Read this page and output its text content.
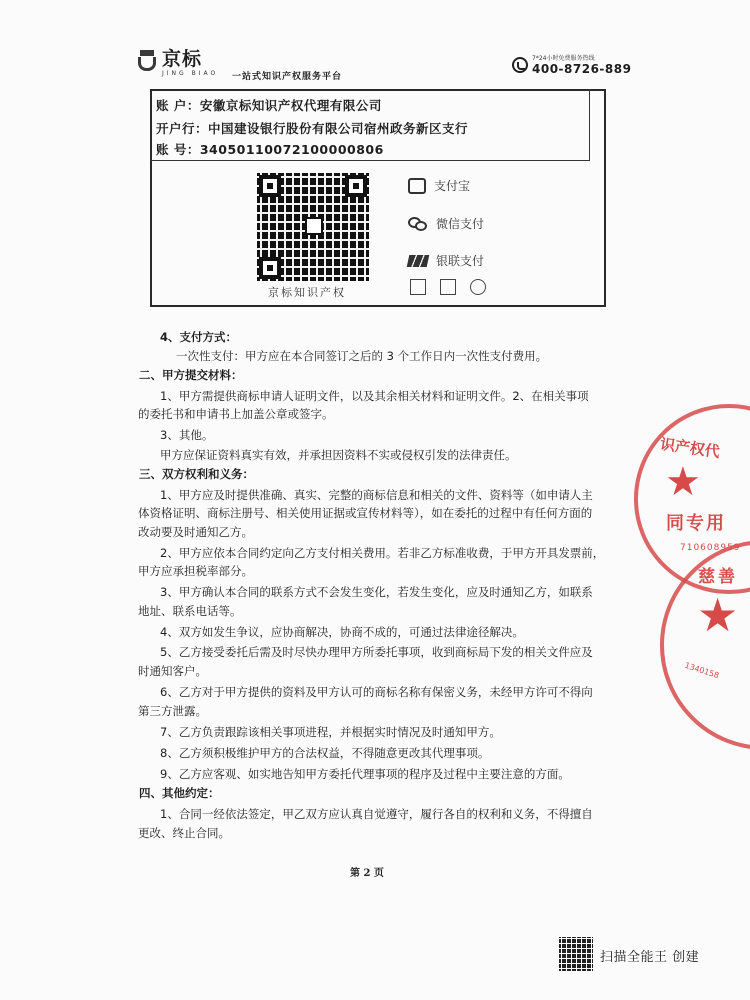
京标
JING BIAO 一站式知识产权服务平台
7*24小时免费服务热线
400-8726-889
账 户：安徽京标知识产权代理有限公司
开户行：中国建设银行股份有限公司宿州政务新区支行
账 号：34050110072100000806
京标知识产权
支付宝
微信支付
银联支付
4、支付方式：
一次性支付：甲方应在本合同签订之后的 3 个工作日内一次性支付费用。
二、甲方提交材料：
1、甲方需提供商标申请人证明文件，以及其余相关材料和证明文件。2、在相关事项
的委托书和申请书上加盖公章或签字。
3、其他。
甲方应保证资料真实有效，并承担因资料不实或侵权引发的法律责任。
三、双方权利和义务：
1、甲方应及时提供准确、真实、完整的商标信息和相关的文件、资料等（如申请人主
体资格证明、商标注册号、相关使用证据或宣传材料等），如在委托的过程中有任何方面的
改动要及时通知乙方。
2、甲方应依本合同约定向乙方支付相关费用。若非乙方标准收费，于甲方开具发票前，
甲方应承担税率部分。
3、甲方确认本合同的联系方式不会发生变化，若发生变化，应及时通知乙方，如联系
地址、联系电话等。
4、双方如发生争议，应协商解决，协商不成的，可通过法律途径解决。
5、乙方接受委托后需及时尽快办理甲方所委托事项，收到商标局下发的相关文件应及
时通知客户。
6、乙方对于甲方提供的资料及甲方认可的商标名称有保密义务，未经甲方许可不得向
第三方泄露。
7、乙方负责跟踪该相关事项进程，并根据实时情况及时通知甲方。
8、乙方须积极维护甲方的合法权益，不得随意更改其代理事项。
9、乙方应客观、如实地告知甲方委托代理事项的程序及过程中主要注意的方面。
四、其他约定：
1、合同一经依法签定，甲乙双方应认真自觉遵守，履行各自的权利和义务，不得擅自
更改、终止合同。
第 2 页
识产权代
★
同专用
710608959
慈善
★
1340158
扫描全能王 创建
